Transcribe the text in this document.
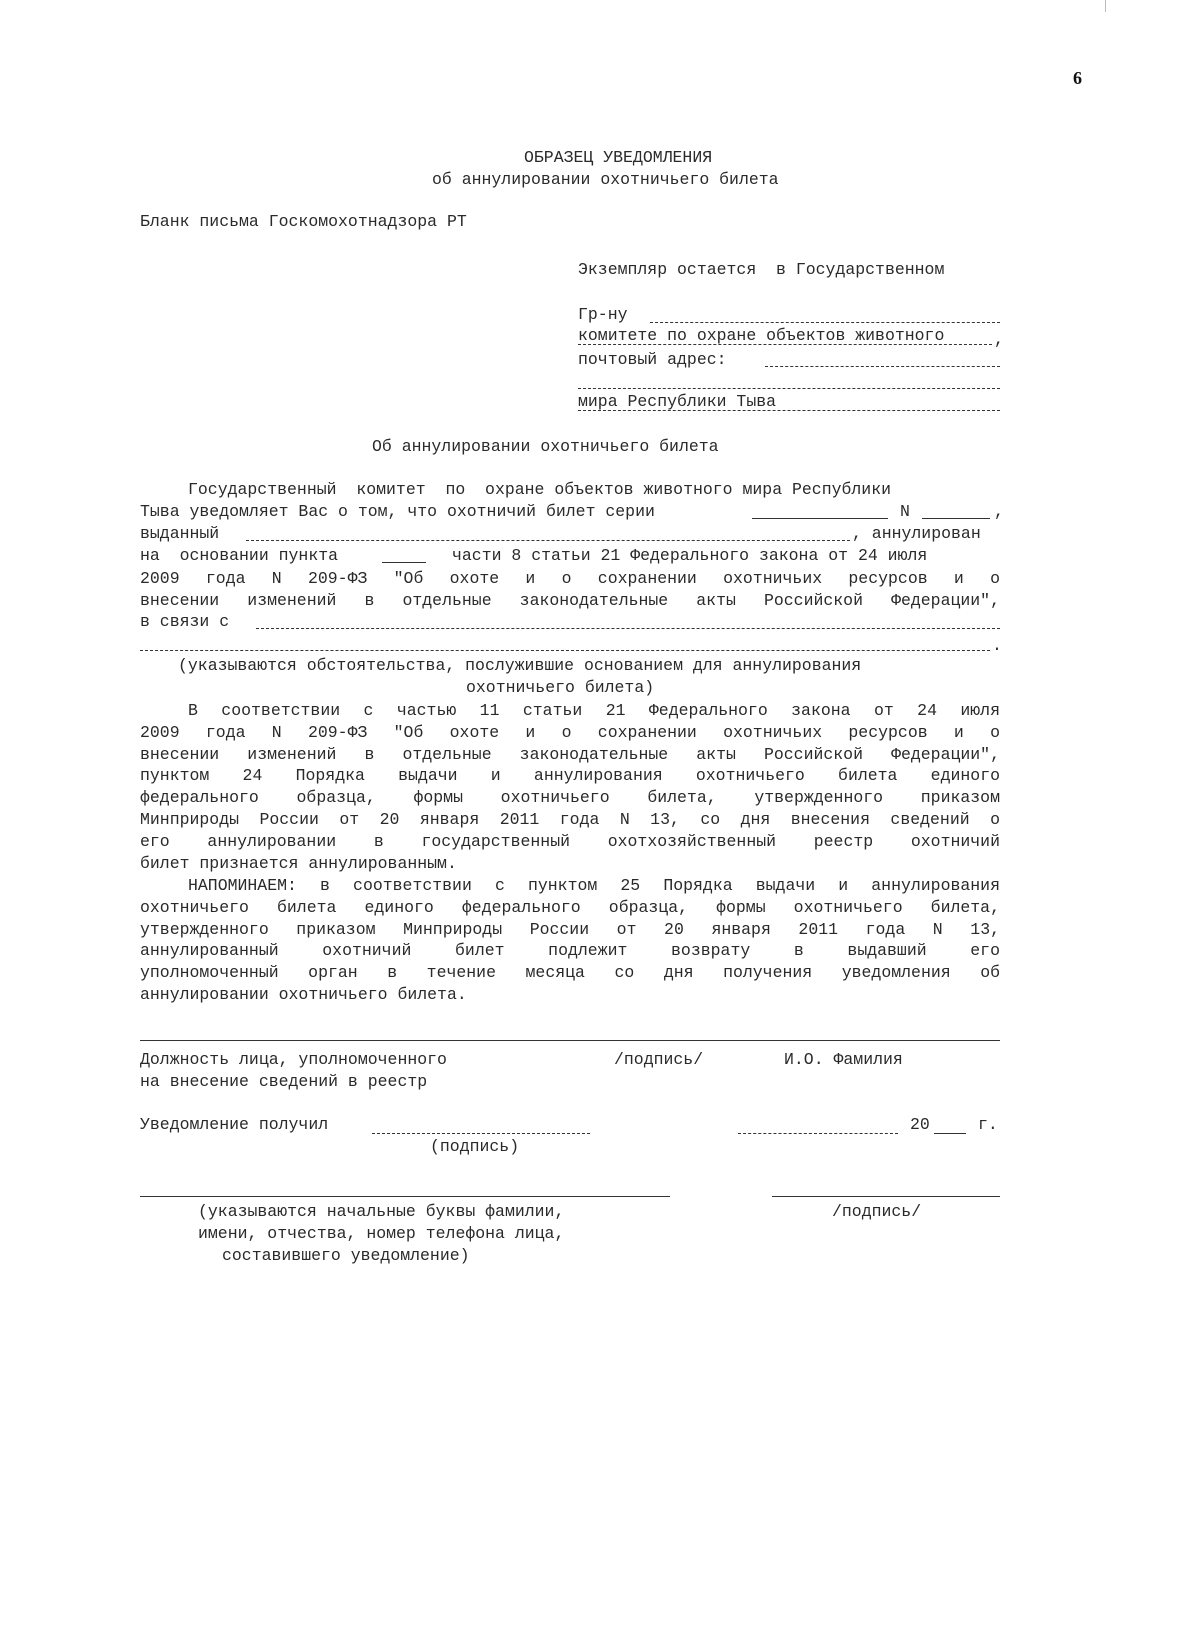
6
ОБРАЗЕЦ УВЕДОМЛЕНИЯ
об аннулировании охотничьего билета
Бланк письма Госкомохотнадзора РТ

Экземпляр остается  в Государственном

комитете по охране объектов животного

мира Республики Тыва

Гр-ну
,
почтовый адрес:
Об аннулировании охотничьего билета
Государственный  комитет  по  охране объектов животного мира Республики
Тыва уведомляет Вас о том, что охотничий билет серии	N	,
выданный	, аннулирован
на  основании пункта	части 8 статьи 21 Федерального закона от 24 июля
2009 года N 209-ФЗ "Об охоте и о сохранении охотничьих ресурсов и о
внесении изменений в отдельные законодательные акты Российской Федерации",
в связи с
.
(указываются обстоятельства, послужившие основанием для аннулирования
охотничьего билета)
В соответствии с частью 11 статьи 21 Федерального закона от 24 июля
2009 года N 209-ФЗ "Об охоте и о сохранении охотничьих ресурсов и о
внесении изменений в отдельные законодательные акты Российской Федерации",
пунктом 24 Порядка выдачи и аннулирования охотничьего билета единого
федерального образца, формы охотничьего билета, утвержденного приказом
Минприроды России от 20 января 2011 года N 13, со дня внесения сведений о
его аннулировании в государственный охотхозяйственный реестр охотничий
билет признается аннулированным.
НАПОМИНАЕМ: в соответствии с пунктом 25 Порядка выдачи и аннулирования
охотничьего билета единого федерального образца, формы охотничьего билета,
утвержденного приказом Минприроды России от 20 января 2011 года N 13,
аннулированный охотничий билет подлежит возврату в выдавший его
уполномоченный орган в течение месяца со дня получения уведомления об
аннулировании охотничьего билета.
Должность лица, уполномоченного
на внесение сведений в реестр
/подпись/	И.О. Фамилия
Уведомление получил
(подпись)
20	г.
(указываются начальные буквы фамилии,
имени, отчества, номер телефона лица,
составившего уведомление)
/подпись/
